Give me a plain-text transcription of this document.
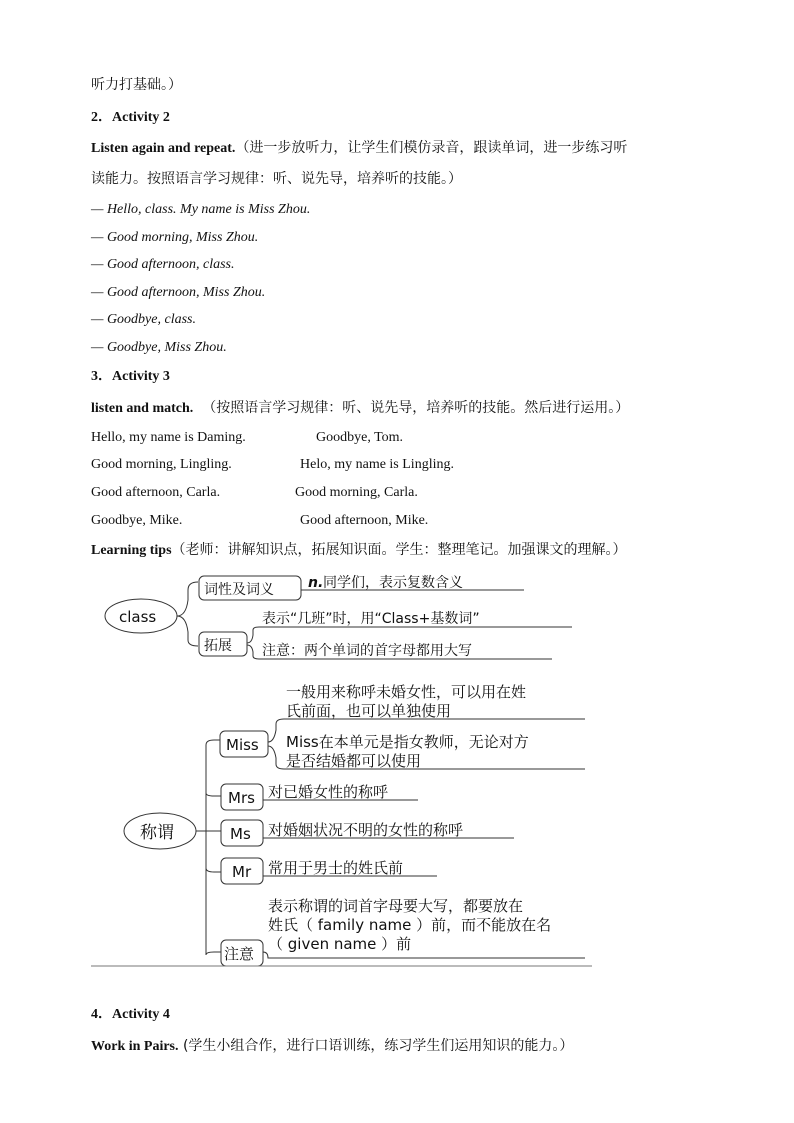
听力打基础。）
2．Activity 2
Listen again and repeat.（进一步放听力，让学生们模仿录音，跟读单词，进一步练习听
读能力。按照语言学习规律：听、说先导，培养听的技能。）
— Hello, class. My name is Miss Zhou.
— Good morning, Miss Zhou.
— Good afternoon, class.
— Good afternoon, Miss Zhou.
— Goodbye, class.
— Goodbye, Miss Zhou.
3．Activity 3
listen and match. （按照语言学习规律：听、说先导，培养听的技能。然后进行运用。）
Hello, my name is Daming.	Goodbye, Tom.
Good morning, Lingling.	Helo, my name is Lingling.
Good afternoon, Carla.	Good morning, Carla.
Goodbye, Mike.	Good afternoon, Mike.
Learning tips（老师：讲解知识点，拓展知识面。学生：整理笔记。加强课文的理解。）
class
词性及词义 n. 同学们，表示复数含义
拓展
表示“几班”时，用“Class+基数词”
注意：两个单词的首字母都用大写
称谓
Miss
Mrs
Ms
Mr
注意
一般用来称呼未婚女性，可以用在姓
氏前面，也可以单独使用
Miss在本单元是指女教师，无论对方
是否结婚都可以使用
对已婚女性的称呼
对婚姻状况不明的女性的称呼
常用于男士的姓氏前
表示称谓的词首字母要大写，都要放在
姓氏（ family name ）前，而不能放在名
（ given name ）前
4．Activity 4
Work in Pairs. (学生小组合作，进行口语训练，练习学生们运用知识的能力。）
